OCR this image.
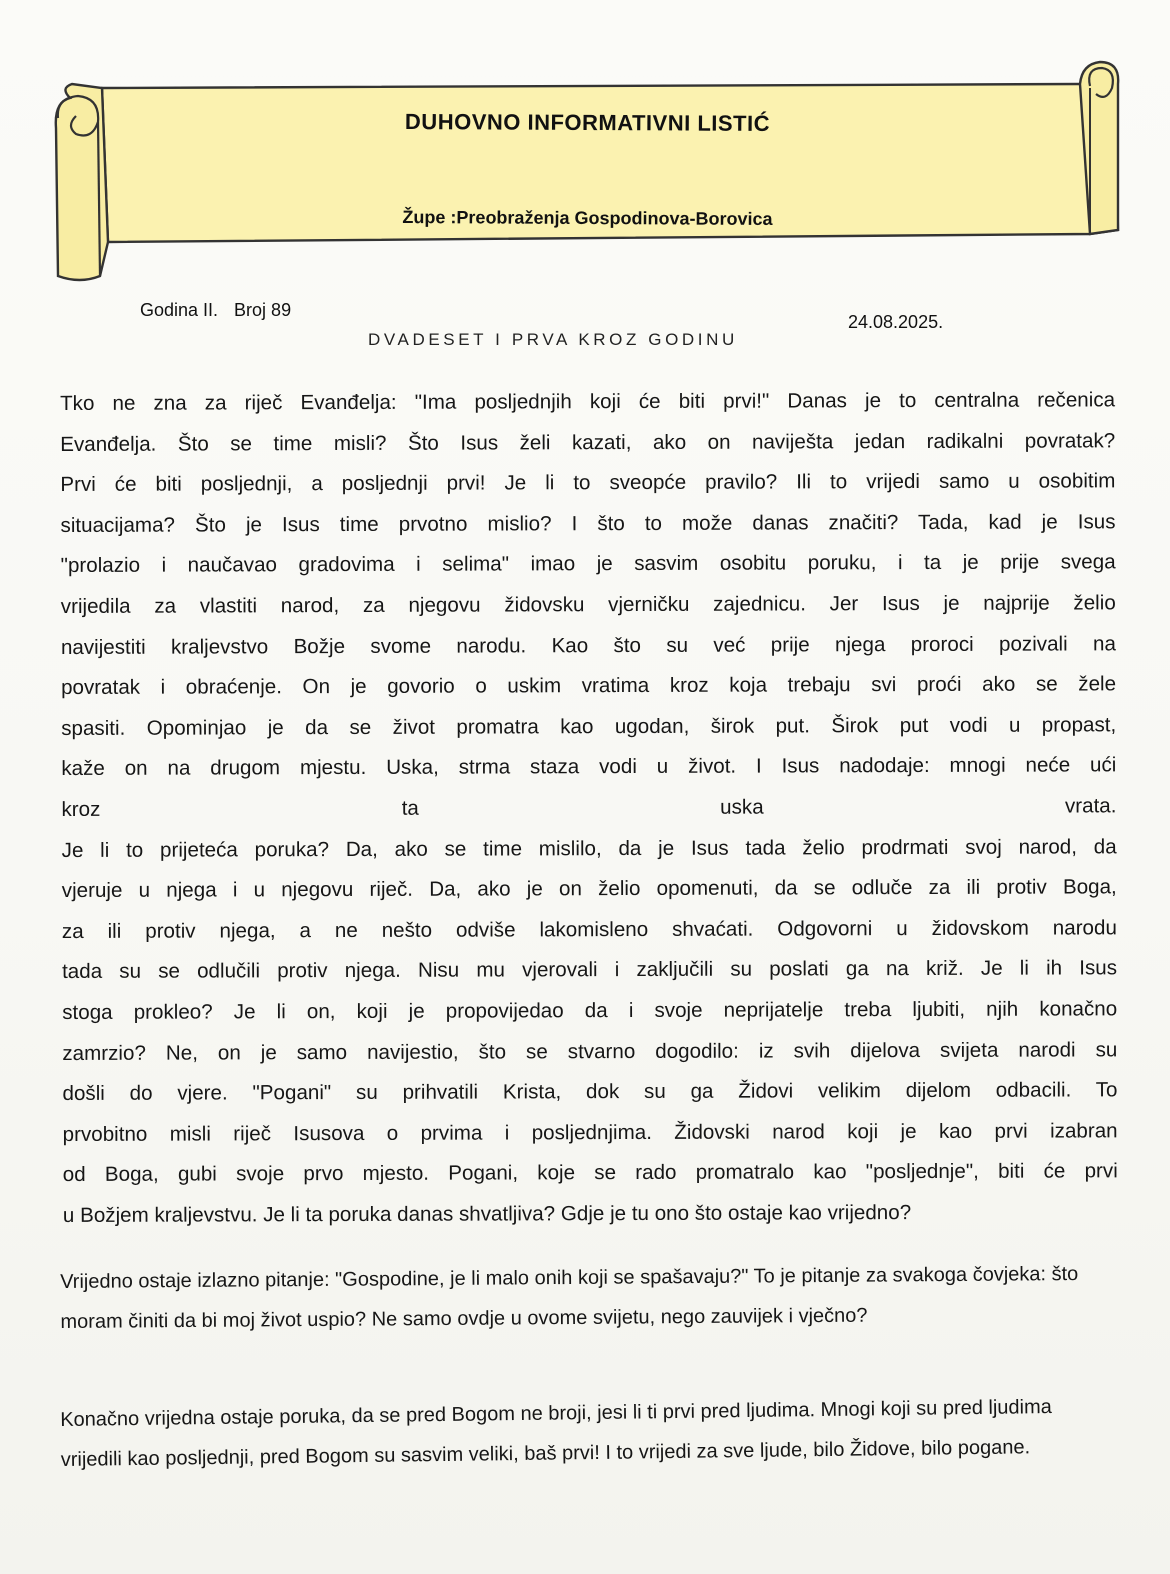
DUHOVNO INFORMATIVNI LISTIĆ
Župe :Preobraženja Gospodinova-Borovica
Godina II. Broj 89
24.08.2025.
DVADESET I PRVA KROZ GODINU
Tko ne zna za riječ Evanđelja: "Ima posljednjih koji će biti prvi!" Danas je to centralna rečenica
Evanđelja. Što se time misli? Što Isus želi kazati, ako on naviješta jedan radikalni povratak?
Prvi će biti posljednji, a posljednji prvi! Je li to sveopće pravilo? Ili to vrijedi samo u osobitim
situacijama? Što je Isus time prvotno mislio? I što to može danas značiti? Tada, kad je Isus
"prolazio i naučavao gradovima i selima" imao je sasvim osobitu poruku, i ta je prije svega
vrijedila za vlastiti narod, za njegovu židovsku vjerničku zajednicu. Jer Isus je najprije želio
navijestiti kraljevstvo Božje svome narodu. Kao što su već prije njega proroci pozivali na
povratak i obraćenje. On je govorio o uskim vratima kroz koja trebaju svi proći ako se žele
spasiti. Opominjao je da se život promatra kao ugodan, širok put. Širok put vodi u propast,
kaže on na drugom mjestu. Uska, strma staza vodi u život. I Isus nadodaje: mnogi neće ući
kroz	ta	uska	vrata.
Je li to prijeteća poruka? Da, ako se time mislilo, da je Isus tada želio prodrmati svoj narod, da
vjeruje u njega i u njegovu riječ. Da, ako je on želio opomenuti, da se odluče za ili protiv Boga,
za ili protiv njega, a ne nešto odviše lakomisleno shvaćati. Odgovorni u židovskom narodu
tada su se odlučili protiv njega. Nisu mu vjerovali i zaključili su poslati ga na križ. Je li ih Isus
stoga prokleo? Je li on, koji je propovijedao da i svoje neprijatelje treba ljubiti, njih konačno
zamrzio? Ne, on je samo navijestio, što se stvarno dogodilo: iz svih dijelova svijeta narodi su
došli do vjere. "Pogani" su prihvatili Krista, dok su ga Židovi velikim dijelom odbacili. To
prvobitno misli riječ Isusova o prvima i posljednjima. Židovski narod koji je kao prvi izabran
od Boga, gubi svoje prvo mjesto. Pogani, koje se rado promatralo kao "posljednje", biti će prvi
u Božjem kraljevstvu. Je li ta poruka danas shvatljiva? Gdje je tu ono što ostaje kao vrijedno?
Vrijedno ostaje izlazno pitanje: "Gospodine, je li malo onih koji se spašavaju?" To je pitanje za svakoga čovjeka: što moram činiti da bi moj život uspio? Ne samo ovdje u ovome svijetu, nego zauvijek i vječno?
Konačno vrijedna ostaje poruka, da se pred Bogom ne broji, jesi li ti prvi pred ljudima. Mnogi koji su pred ljudima vrijedili kao posljednji, pred Bogom su sasvim veliki, baš prvi! I to vrijedi za sve ljude, bilo Židove, bilo pogane.
